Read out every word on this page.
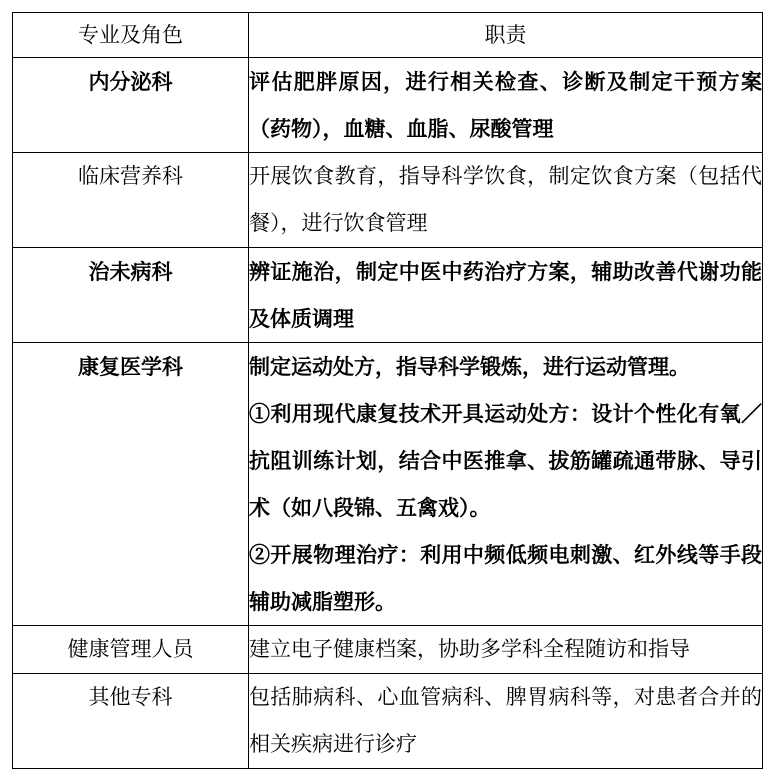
专业及角色	职责
内分泌科	评估肥胖原因，进行相关检查、诊断及制定干预方案（药物），血糖、血脂、尿酸管理

临床营养科	开展饮食教育，指导科学饮食，制定饮食方案（包括代餐），进行饮食管理

治未病科	辨证施治，制定中医中药治疗方案，辅助改善代谢功能及体质调理

康复医学科	制定运动处方，指导科学锻炼，进行运动管理。
①利用现代康复技术开具运动处方：设计个性化有氧／抗阻训练计划，结合中医推拿、拔筋罐疏通带脉、导引术（如八段锦、五禽戏）。
②开展物理治疗：利用中频低频电刺激、红外线等手段辅助减脂塑形。

健康管理人员	建立电子健康档案，协助多学科全程随访和指导

其他专科	包括肺病科、心血管病科、脾胃病科等，对患者合并的相关疾病进行诊疗
